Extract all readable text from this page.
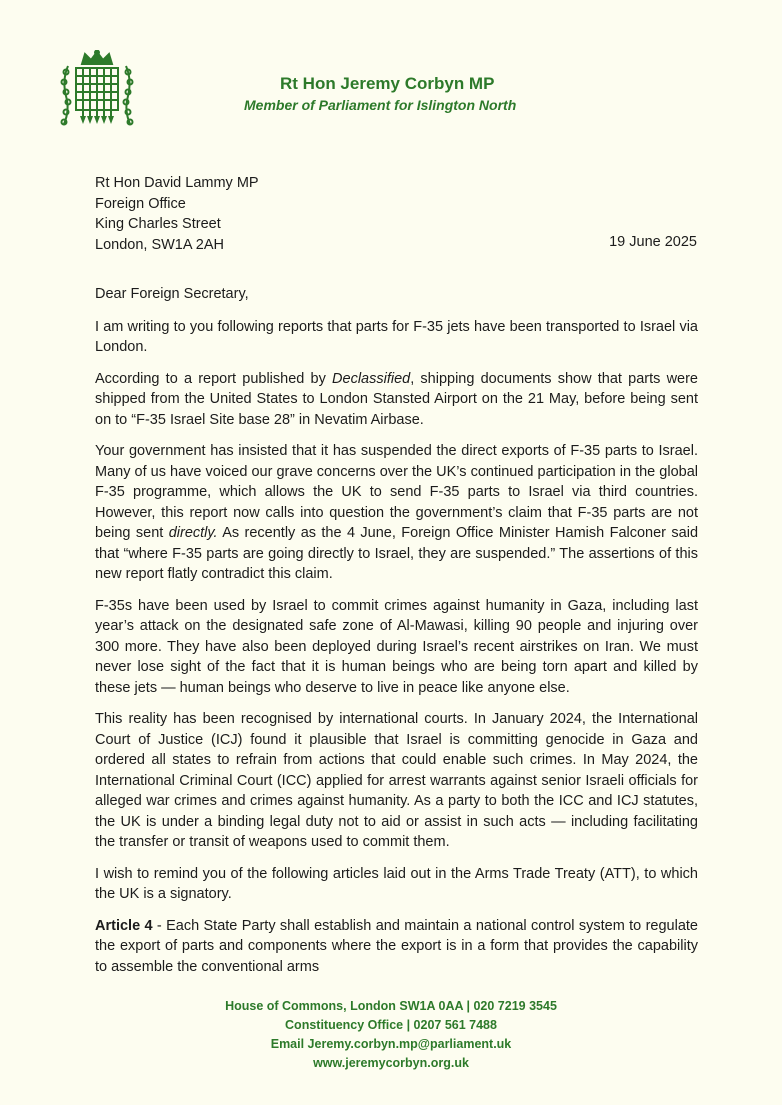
Rt Hon Jeremy Corbyn MP
Member of Parliament for Islington North
Rt Hon David Lammy MP
Foreign Office
King Charles Street
London, SW1A 2AH	19 June 2025

Dear Foreign Secretary,

I am writing to you following reports that parts for F-35 jets have been transported to Israel via London.

According to a report published by Declassified, shipping documents show that parts were shipped from the United States to London Stansted Airport on the 21 May, before being sent on to “F-35 Israel Site base 28” in Nevatim Airbase.

Your government has insisted that it has suspended the direct exports of F-35 parts to Israel. Many of us have voiced our grave concerns over the UK’s continued participation in the global F-35 programme, which allows the UK to send F-35 parts to Israel via third countries. However, this report now calls into question the government’s claim that F-35 parts are not being sent directly. As recently as the 4 June, Foreign Office Minister Hamish Falconer said that “where F-35 parts are going directly to Israel, they are suspended.” The assertions of this new report flatly contradict this claim.

F-35s have been used by Israel to commit crimes against humanity in Gaza, including last year’s attack on the designated safe zone of Al-Mawasi, killing 90 people and injuring over 300 more. They have also been deployed during Israel’s recent airstrikes on Iran. We must never lose sight of the fact that it is human beings who are being torn apart and killed by these jets — human beings who deserve to live in peace like anyone else.

This reality has been recognised by international courts. In January 2024, the International Court of Justice (ICJ) found it plausible that Israel is committing genocide in Gaza and ordered all states to refrain from actions that could enable such crimes. In May 2024, the International Criminal Court (ICC) applied for arrest warrants against senior Israeli officials for alleged war crimes and crimes against humanity. As a party to both the ICC and ICJ statutes, the UK is under a binding legal duty not to aid or assist in such acts — including facilitating the transfer or transit of weapons used to commit them.

I wish to remind you of the following articles laid out in the Arms Trade Treaty (ATT), to which the UK is a signatory.

Article 4 - Each State Party shall establish and maintain a national control system to regulate the export of parts and components where the export is in a form that provides the capability to assemble the conventional arms

House of Commons, London SW1A 0AA | 020 7219 3545
Constituency Office | 0207 561 7488
Email Jeremy.corbyn.mp@parliament.uk
www.jeremycorbyn.org.uk
